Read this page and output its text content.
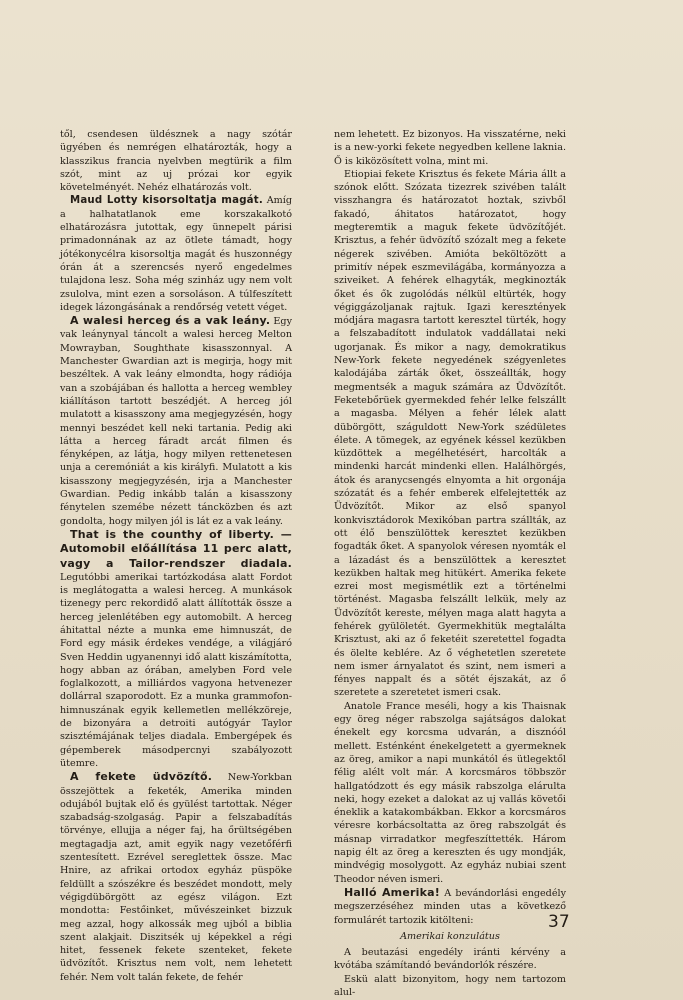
től, csendesen üldésznek a nagy szótár ügyében és nemrégen elhatározták, hogy a klasszikus francia nyelvben megtürik a film szót, mint az uj prózai kor egyik követelményét. Nehéz elhatározás volt.

Maud Lotty kisorsoltatja magát. Amíg a halhatatlanok eme korszakalkotó elhatározásra jutottak, egy ünnepelt párisi primadonnának az az ötlete támadt, hogy jótékonycélra kisorsoltja magát és huszonnégy órán át a szerencsés nyerő engedelmes tulajdona lesz. Soha még szinház ugy nem volt zsulolva, mint ezen a sorsoláson. A túlfeszített idegek lázongásának a rendőrség vetett véget.

A walesi herceg és a vak leány. Egy vak leánynyal táncolt a walesi herceg Melton Mowrayban, Soughthate kisasszonnyal. A Manchester Gwardian azt is megirja, hogy mit beszéltek. A vak leány elmondta, hogy rádiója van a szobájában és hallotta a herceg wembley kiállításon tartott beszédjét. A herceg jól mulatott a kisasszony ama megjegyzésén, hogy mennyi beszédet kell neki tartania. Pedig aki látta a herceg fáradt arcát filmen és fényképen, az látja, hogy milyen rettenetesen unja a ceremóniát a kis királyfi. Mulatott a kis kisasszony megjegyzésén, irja a Manchester Gwardian. Pedig inkább talán a kisasszony fénytelen szemébe nézett táncközben és azt gondolta, hogy milyen jól is lát ez a vak leány.

That is the counthy of liberty. — Automobil előállítása 11 perc alatt, vagy a Tailor-rendszer diadala. Legutóbbi amerikai tartózkodása alatt Fordot is meglátogatta a walesi herceg. A munkások tizenegy perc rekordidő alatt állították össze a herceg jelenlétében egy automobilt. A herceg áhitattal nézte a munka eme himnuszát, de Ford egy másik érdekes vendége, a világjáró Sven Heddin ugyanennyi idő alatt kiszámította, hogy abban az órában, amelyben Ford vele foglalkozott, a milliárdos vagyona hetvenezer dollárral szaporodott. Ez a munka grammofon-himnuszának egyik kellemetlen mellékzöreje, de bizonyára a detroiti autógyár Taylor szisztémájának teljes diadala. Embergépek és gépemberek másodpercnyi szabályozott ütemre.

A fekete üdvözítő. New-Yorkban összejöttek a feketék, Amerika minden odujából bujtak elő és gyülést tartottak. Néger szabadság-szolgaság. Papir a felszabadítás törvénye, ellujja a néger faj, ha őrültségében megtagadja azt, amit egyik nagy vezetőférfi szentesített. Ezrével sereglettek össze. Mac Hnire, az afrikai ortodox egyház püspöke feldüllt a szószékre és beszédet mondott, mely végigdübörgött az egész világon. Ezt mondotta: Festőinket, művészeinket bizzuk meg azzal, hogy alkossák meg ujból a biblia szent alakjait. Diszitsék uj képekkel a régi hitet, fessenek fekete szenteket, fekete üdvözítőt. Krisztus nem volt, nem lehetett fehér. Nem volt talán fekete, de fehér

nem lehetett. Ez bizonyos. Ha visszatérne, neki is a new-yorki fekete negyedben kellene laknia. Ő is kiközösített volna, mint mi.

Etiopiai fekete Krisztus és fekete Mária állt a szónok előtt. Szózata tizezrek szivében talált visszhangra és határozatot hoztak, szivből fakadó, áhitatos határozatot, hogy megteremtik a maguk fekete üdvözítőjét. Krisztus, a fehér üdvözítő szózalt meg a fekete négerek szivében. Amióta beköltözött a primitív népek eszmevilágába, kormányozza a sziveiket. A fehérek elhagyták, megkinozták őket és ők zugolódás nélkül eltürték, hogy végiggázoljanak rajtuk. Igazi keresztények módjára magasra tartott keresztel türték, hogy a felszabadított indulatok vaddállatai neki ugorjanak. És mikor a nagy, demokratikus New-York fekete negyedének szégyenletes kalodájába zárták őket, összeállták, hogy megmentsék a maguk számára az Üdvözítőt. Feketebőrüek gyermekded fehér lelke felszállt a magasba. Mélyen a fehér lélek alatt dübörgött, száguldott New-York szédületes élete. A tömegek, az egyének késsel kezükben küzdöttek a megélhetésért, harcolták a mindenki harcát mindenki ellen. Halálhörgés, átok és aranycsengés elnyomta a hit orgonája szózatát és a fehér emberek elfelejtették az Üdvözítőt. Mikor az első spanyol konkvisztádorok Mexikóban partra szállták, az ott élő benszülöttek keresztet kezükben fogadták őket. A spanyolok véresen nyomták el a lázadást és a benszülöttek a keresztet kezükben haltak meg hitükért. Amerika fekete ezrei most megismétlik ezt a történelmi történést. Magasba felszállt lelkük, mely az Üdvözítőt kereste, mélyen maga alatt hagyta a fehérek gyülöletét. Gyermekhitük megtalálta Krisztust, aki az ő feketéit szeretettel fogadta és ölelte keblére. Az ő véghetetlen szeretete nem ismer árnyalatot és szint, nem ismeri a fényes nappalt és a sötét éjszakát, az ő szeretete a szeretetet ismeri csak.

Anatole France meséli, hogy a kis Thaisnak egy öreg néger rabszolga sajátságos dalokat énekelt egy korcsma udvarán, a disznóól mellett. Esténként énekelgetett a gyermeknek az öreg, amikor a napi munkától és ütlegektől félig alélt volt már. A korcsmáros többször hallgatódzott és egy másik rabszolga elárulta neki, hogy ezeket a dalokat az uj vallás követői éneklik a katakombákban. Ekkor a korcsmáros véresre korbácsoltatta az öreg rabszolgát és másnap virradatkor megfeszíttették. Három napig élt az öreg a kereszten és ugy mondják, mindvégig mosolygott. Az egyház nubiai szent Theodor néven ismeri.

Halló Amerika! A bevándorlási engedély megszerzéséhez minden utas a következő formulárét tartozik kitölteni:

Amerikai konzulátus

A beutazási engedély iránti kérvény a kvótába számítandó bevándorlók részére.

Eskü alatt bizonyitom, hogy nem tartozom alul-

37
